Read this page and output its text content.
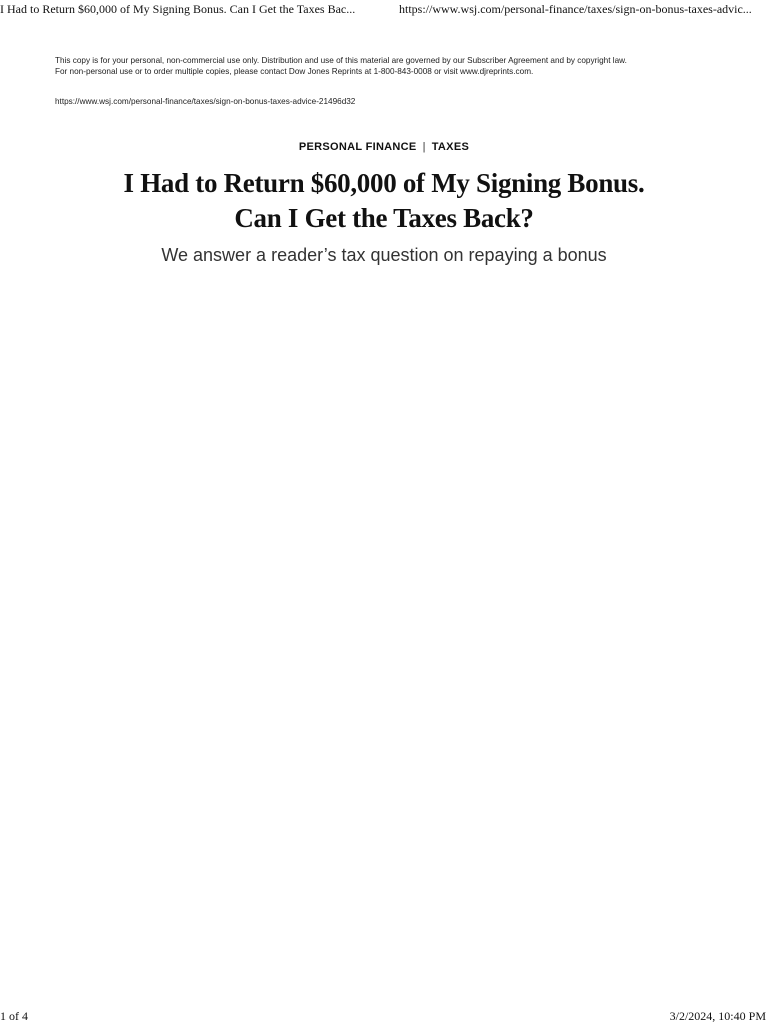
I Had to Return $60,000 of My Signing Bonus. Can I Get the Taxes Bac...	https://www.wsj.com/personal-finance/taxes/sign-on-bonus-taxes-advic...
This copy is for your personal, non-commercial use only. Distribution and use of this material are governed by our Subscriber Agreement and by copyright law.
For non-personal use or to order multiple copies, please contact Dow Jones Reprints at 1-800-843-0008 or visit www.djreprints.com.
https://www.wsj.com/personal-finance/taxes/sign-on-bonus-taxes-advice-21496d32
PERSONAL FINANCE | TAXES
I Had to Return $60,000 of My Signing Bonus.
Can I Get the Taxes Back?
We answer a reader’s tax question on repaying a bonus
1 of 4	3/2/2024, 10:40 PM
